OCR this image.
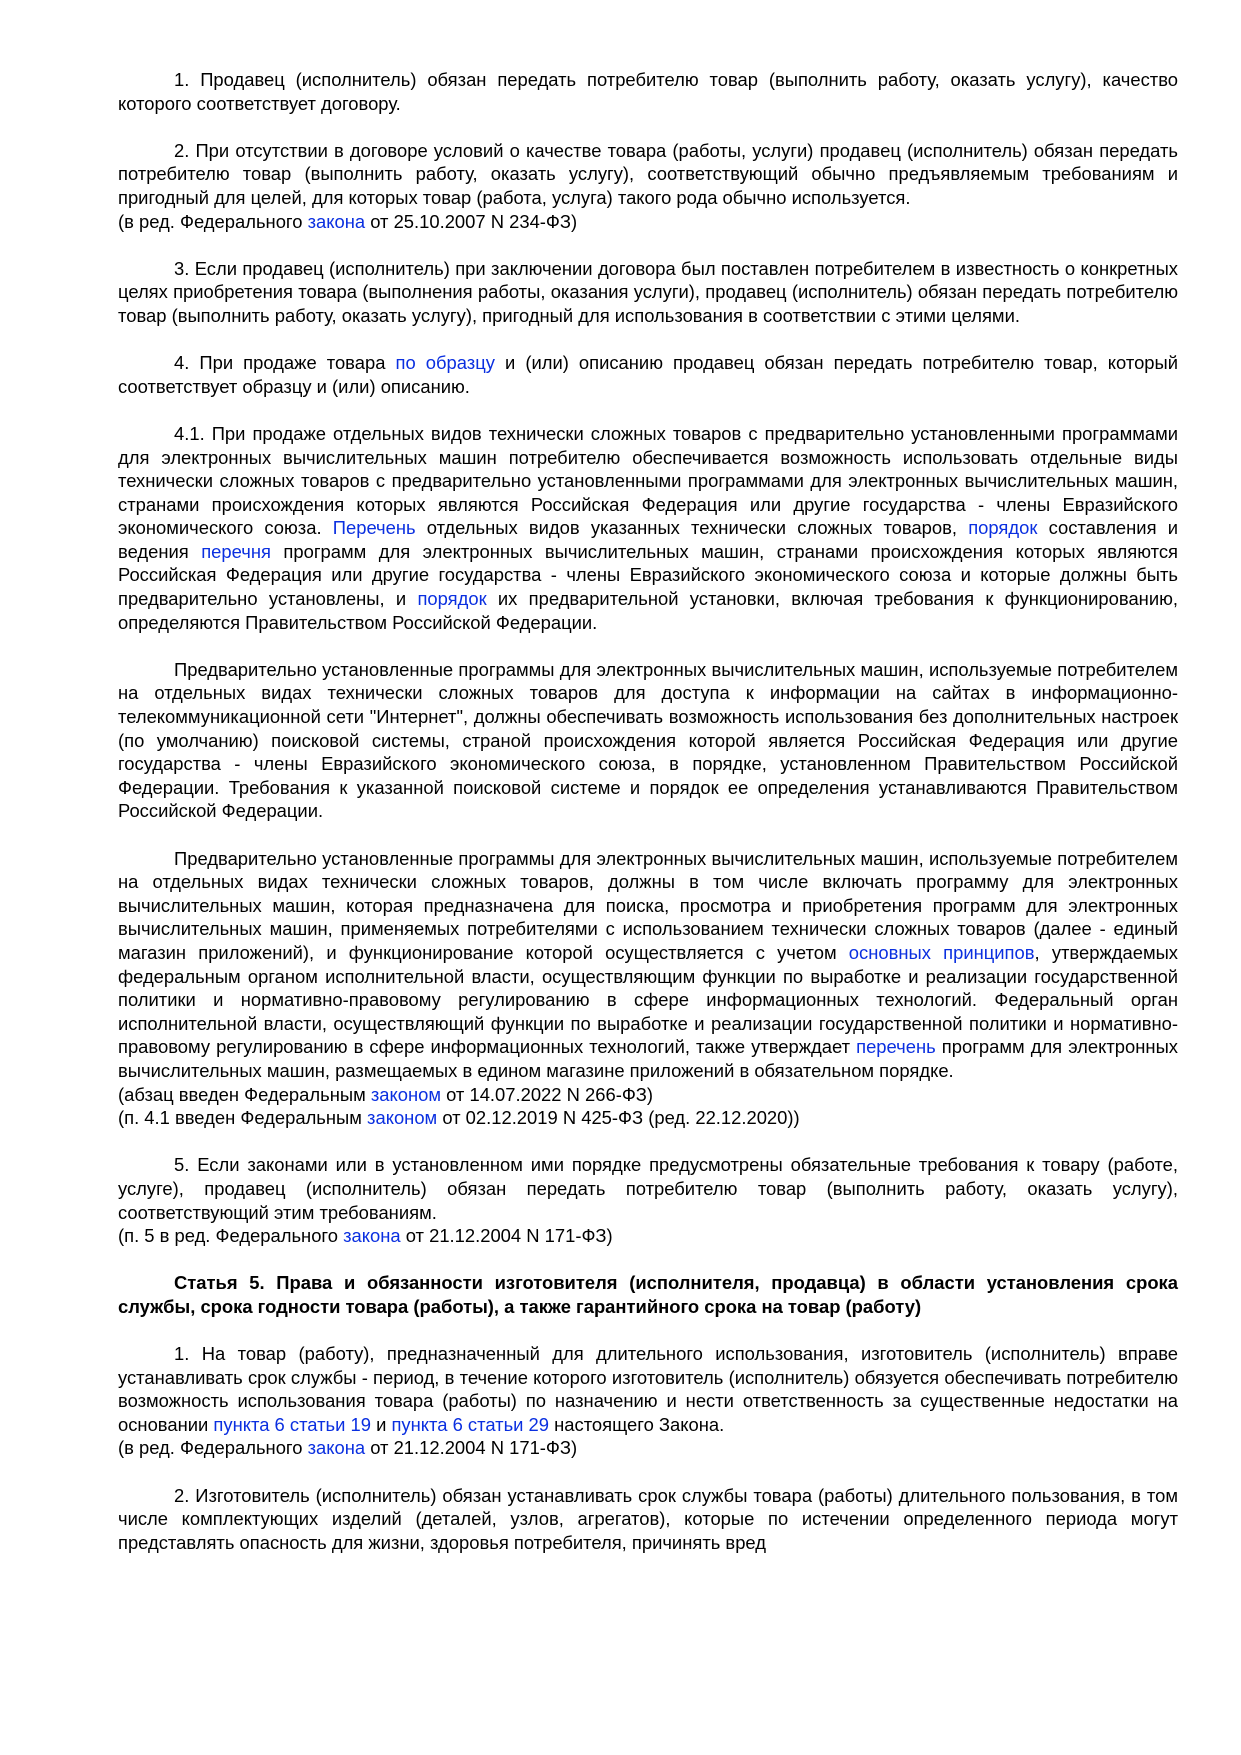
1. Продавец (исполнитель) обязан передать потребителю товар (выполнить работу, оказать услугу), качество которого соответствует договору.

2. При отсутствии в договоре условий о качестве товара (работы, услуги) продавец (исполнитель) обязан передать потребителю товар (выполнить работу, оказать услугу), соответствующий обычно предъявляемым требованиям и пригодный для целей, для которых товар (работа, услуга) такого рода обычно используется.
(в ред. Федерального закона от 25.10.2007 N 234-ФЗ)

3. Если продавец (исполнитель) при заключении договора был поставлен потребителем в известность о конкретных целях приобретения товара (выполнения работы, оказания услуги), продавец (исполнитель) обязан передать потребителю товар (выполнить работу, оказать услугу), пригодный для использования в соответствии с этими целями.

4. При продаже товара по образцу и (или) описанию продавец обязан передать потребителю товар, который соответствует образцу и (или) описанию.

4.1. При продаже отдельных видов технически сложных товаров с предварительно установленными программами для электронных вычислительных машин потребителю обеспечивается возможность использовать отдельные виды технически сложных товаров с предварительно установленными программами для электронных вычислительных машин, странами происхождения которых являются Российская Федерация или другие государства - члены Евразийского экономического союза. Перечень отдельных видов указанных технически сложных товаров, порядок составления и ведения перечня программ для электронных вычислительных машин, странами происхождения которых являются Российская Федерация или другие государства - члены Евразийского экономического союза и которые должны быть предварительно установлены, и порядок их предварительной установки, включая требования к функционированию, определяются Правительством Российской Федерации.

Предварительно установленные программы для электронных вычислительных машин, используемые потребителем на отдельных видах технически сложных товаров для доступа к информации на сайтах в информационно-телекоммуникационной сети "Интернет", должны обеспечивать возможность использования без дополнительных настроек (по умолчанию) поисковой системы, страной происхождения которой является Российская Федерация или другие государства - члены Евразийского экономического союза, в порядке, установленном Правительством Российской Федерации. Требования к указанной поисковой системе и порядок ее определения устанавливаются Правительством Российской Федерации.

Предварительно установленные программы для электронных вычислительных машин, используемые потребителем на отдельных видах технически сложных товаров, должны в том числе включать программу для электронных вычислительных машин, которая предназначена для поиска, просмотра и приобретения программ для электронных вычислительных машин, применяемых потребителями с использованием технически сложных товаров (далее - единый магазин приложений), и функционирование которой осуществляется с учетом основных принципов, утверждаемых федеральным органом исполнительной власти, осуществляющим функции по выработке и реализации государственной политики и нормативно-правовому регулированию в сфере информационных технологий. Федеральный орган исполнительной власти, осуществляющий функции по выработке и реализации государственной политики и нормативно-правовому регулированию в сфере информационных технологий, также утверждает перечень программ для электронных вычислительных машин, размещаемых в едином магазине приложений в обязательном порядке.
(абзац введен Федеральным законом от 14.07.2022 N 266-ФЗ)
(п. 4.1 введен Федеральным законом от 02.12.2019 N 425-ФЗ (ред. 22.12.2020))

5. Если законами или в установленном ими порядке предусмотрены обязательные требования к товару (работе, услуге), продавец (исполнитель) обязан передать потребителю товар (выполнить работу, оказать услугу), соответствующий этим требованиям.
(п. 5 в ред. Федерального закона от 21.12.2004 N 171-ФЗ)

Статья 5. Права и обязанности изготовителя (исполнителя, продавца) в области установления срока службы, срока годности товара (работы), а также гарантийного срока на товар (работу)

1. На товар (работу), предназначенный для длительного использования, изготовитель (исполнитель) вправе устанавливать срок службы - период, в течение которого изготовитель (исполнитель) обязуется обеспечивать потребителю возможность использования товара (работы) по назначению и нести ответственность за существенные недостатки на основании пункта 6 статьи 19 и пункта 6 статьи 29 настоящего Закона.
(в ред. Федерального закона от 21.12.2004 N 171-ФЗ)

2. Изготовитель (исполнитель) обязан устанавливать срок службы товара (работы) длительного пользования, в том числе комплектующих изделий (деталей, узлов, агрегатов), которые по истечении определенного периода могут представлять опасность для жизни, здоровья потребителя, причинять вред
